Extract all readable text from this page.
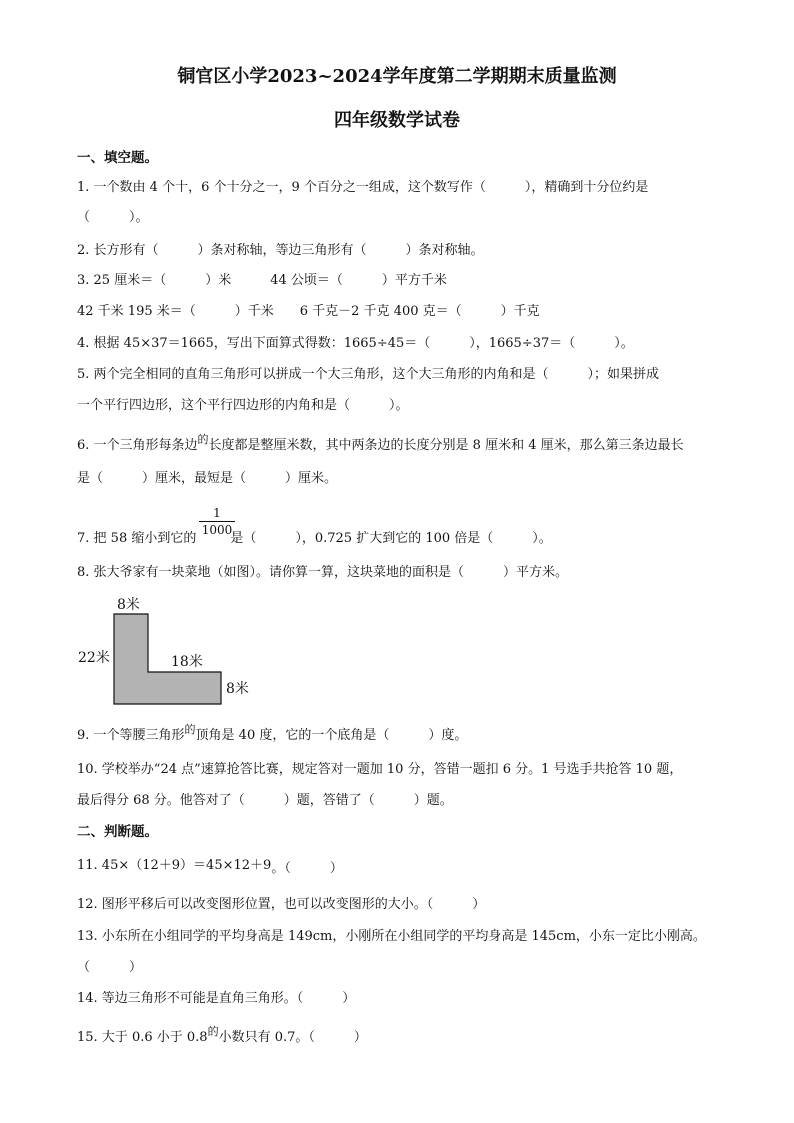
铜官区小学2023~2024学年度第二学期期末质量监测
四年级数学试卷
一、填空题。
1. 一个数由 4 个十，6 个十分之一，9 个百分之一组成，这个数写作（　　　），精确到十分位约是
（　　　）。
2. 长方形有（　　　）条对称轴，等边三角形有（　　　）条对称轴。
3. 25 厘米＝（　　　）米　　　44 公顷＝（　　　）平方千米
42 千米 195 米＝（　　　）千米　　6 千克－2 千克 400 克＝（　　　）千克
4. 根据 45×37＝1665，写出下面算式得数：1665÷45＝（　　　），1665÷37＝（　　　）。
5. 两个完全相同的直角三角形可以拼成一个大三角形，这个大三角形的内角和是（　　　）；如果拼成
一个平行四边形，这个平行四边形的内角和是（　　　）。
6. 一个三角形每条边$^的$长度都是整厘米数，其中两条边的长度分别是 8 厘米和 4 厘米，那么第三条边最长
是（　　　）厘米，最短是（　　　）厘米。
7. 把 58 缩小到它的	是（　　　），0.725 扩大到它的 100 倍是（　　　）。
1
1000
8. 张大爷家有一块菜地（如图）。请你算一算，这块菜地的面积是（　　　）平方米。
8米
22米	18米
8米
9. 一个等腰三角形$^的$顶角是 40 度，它的一个底角是（　　　）度。
10. 学校举办“24 点”速算抢答比赛，规定答对一题加 10 分，答错一题扣 6 分。1 号选手共抢答 10 题，
最后得分 68 分。他答对了（　　　）题，答错了（　　　）题。
二、判断题。
11. 45×（12＋9）＝45×12＋9。（　　　）
12. 图形平移后可以改变图形位置，也可以改变图形的大小。（　　　）
13. 小东所在小组同学的平均身高是 149cm，小刚所在小组同学的平均身高是 145cm，小东一定比小刚高。
（　　　）
14. 等边三角形不可能是直角三角形。（　　　）
15. 大于 0.6 小于 $0.8^的$小数只有 0.7。（　　　）
